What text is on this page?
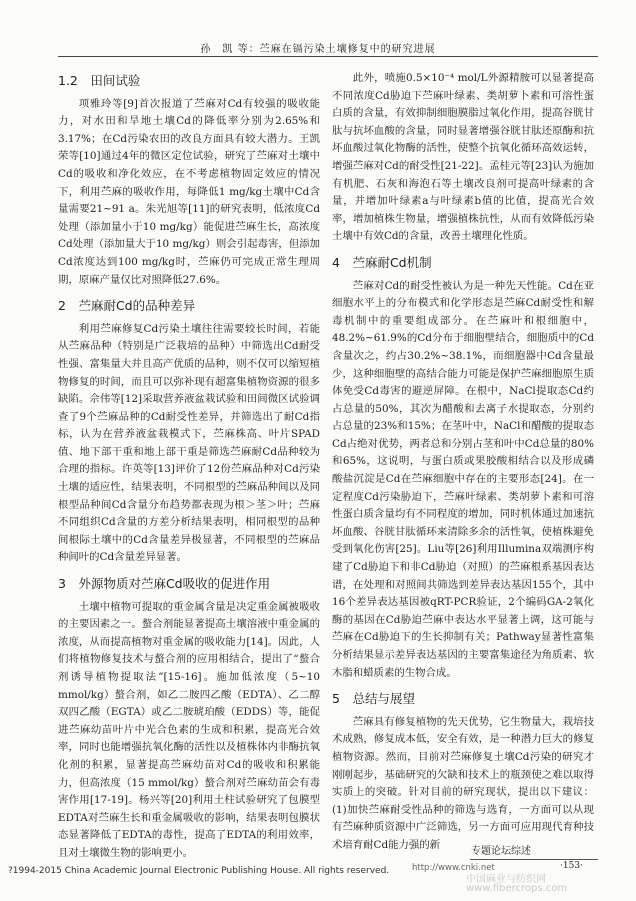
孙　凯 等：苎麻在镉污染土壤修复中的研究进展
1.2　田间试验

项雅玲等[9]首次报道了苎麻对Cd有较强的吸收能力，对水田和旱地土壤Cd的降低率分别为2.65%和3.17%；在Cd污染农田的改良方面具有较大潜力。王凯荣等[10]通过4年的微区定位试验，研究了苎麻对土壤中Cd的吸收和净化效应，在不考虑植物固定效应的情况下，利用苎麻的吸收作用，每降低1 mg/kg土壤中Cd含量需要21~91 a。朱光旭等[11]的研究表明，低浓度Cd处理（添加量小于10 mg/kg）能促进苎麻生长，高浓度Cd处理（添加量大于10 mg/kg）则会引起毒害，但添加Cd浓度达到100 mg/kg时，苎麻仍可完成正常生理周期，原麻产量仅比对照降低27.6%。

2　苎麻耐Cd的品种差异

利用苎麻修复Cd污染土壤往往需要较长时间，若能从苎麻品种（特别是广泛栽培的品种）中筛选出Cd耐受性强、富集量大并且高产优质的品种，则不仅可以缩短植物修复的时间，而且可以弥补现有超富集植物资源的很多缺陷。佘伟等[12]采取营养液盆栽试验和田间微区试验调查了9个苎麻品种的Cd耐受性差异，并筛选出了耐Cd指标，认为在营养液盆栽模式下，苎麻株高、叶片SPAD值、地下部干重和地上部干重是筛选苎麻耐Cd品种较为合理的指标。许英等[13]评价了12份苎麻品种对Cd污染土壤的适应性，结果表明，不同根型的苎麻品种间以及同根型品种间Cd含量分布趋势都表现为根＞茎＞叶；苎麻不同组织Cd含量的方差分析结果表明，相同根型的品种间根际土壤中的Cd含量差异极显著，不同根型的苎麻品种间叶的Cd含量差异显著。

3　外源物质对苎麻Cd吸收的促进作用

土壤中植物可提取的重金属含量是决定重金属被吸收的主要因素之一。螯合剂能显著提高土壤溶液中重金属的浓度，从而提高植物对重金属的吸收能力[14]。因此，人们将植物修复技术与螯合剂的应用相结合，提出了“螯合剂诱导植物提取法”[15-16]。施加低浓度（5~10 mmol/kg）螯合剂，如乙二胺四乙酸（EDTA）、乙二醇双四乙酸（EGTA）或乙二胺琥珀酸（EDDS）等，能促进苎麻幼苗叶片中光合色素的生成和积累，提高光合效率，同时也能增强抗氧化酶的活性以及植株体内非酶抗氧化剂的积累，显著提高苎麻幼苗对Cd的吸收和积累能力，但高浓度（15 mmol/kg）螯合剂对苎麻幼苗会有毒害作用[17-19]。杨兴等[20]利用土柱试验研究了包膜型EDTA对苎麻生长和重金属吸收的影响，结果表明包膜状态显著降低了EDTA的毒性，提高了EDTA的利用效率，且对土壤微生物的影响更小。

此外，喷施0.5×10⁻⁴ mol/L外源精胺可以显著提高不同浓度Cd胁迫下苎麻叶绿素、类胡萝卜素和可溶性蛋白质的含量，有效抑制细胞膜脂过氧化作用，提高谷胱甘肽与抗坏血酸的含量，同时显著增强谷胱甘肽还原酶和抗坏血酸过氧化物酶的活性，使整个抗氧化循环高效运转，增强苎麻对Cd的耐受性[21-22]。孟桂元等[23]认为施加有机肥、石灰和海泡石等土壤改良剂可提高叶绿素的含量，并增加叶绿素a与叶绿素b值的比值，提高光合效率，增加植株生物量，增强植株抗性，从而有效降低污染土壤中有效Cd的含量，改善土壤理化性质。

4　苎麻耐Cd机制

苎麻对Cd的耐受性被认为是一种先天性能。Cd在亚细胞水平上的分布模式和化学形态是苎麻Cd耐受性和解毒机制中的重要组成部分。在苎麻叶和根细胞中，48.2%~61.9%的Cd分布于细胞壁结合，细胞质中的Cd含量次之，约占30.2%~38.1%，而细胞器中Cd含量最少，这种细胞壁的高结合能力可能是保护苎麻细胞原生质体免受Cd毒害的避逆屏障。在根中，NaCl提取态Cd约占总量的50%，其次为醋酸和去离子水提取态，分别约占总量的23%和15%；在茎叶中，NaCl和醋酸的提取态Cd占绝对优势，两者总和分别占茎和叶中Cd总量的80%和65%，这说明，与蛋白质或果胶酸相结合以及形成磷酸盐沉淀是Cd在苎麻细胞中存在的主要形态[24]。在一定程度Cd污染胁迫下，苎麻叶绿素、类胡萝卜素和可溶性蛋白质含量均有不同程度的增加，同时机体通过加速抗坏血酸、谷胱甘肽循环来清除多余的活性氧，使植株避免受到氧化伤害[25]。Liu等[26]利用Illumina双端测序构建了Cd胁迫下和非Cd胁迫（对照）的苎麻根系基因表达谱，在处理和对照间共筛选到差异表达基因155个，其中16个差异表达基因被qRT-PCR验证，2个编码GA-2氧化酶的基因在Cd胁迫苎麻中表达水平显著上调，这可能与苎麻在Cd胁迫下的生长抑制有关；Pathway显著性富集分析结果显示差异表达基因的主要富集途径为角质素、软木脂和蜡质素的生物合成。

5　总结与展望

苎麻具有修复植物的先天优势，它生物量大，栽培技术成熟，修复成本低，安全有效，是一种潜力巨大的修复植物资源。然而，目前对苎麻修复土壤Cd污染的研究才刚刚起步，基础研究的欠缺和技术上的瓶颈使之难以取得实质上的突破。针对目前的研究现状，提出以下建议：(1)加快苎麻耐受性品种的筛选与选育，一方面可以从现有苎麻种质资源中广泛筛选，另一方面可应用现代育种技术培育耐Cd能力强的新

专题论坛综述
·153·
?1994-2015 China Academic Journal Electronic Publishing House. All rights reserved.	http://www.cnki.net
中国麻业与纺织网
www.fibercrops.com
